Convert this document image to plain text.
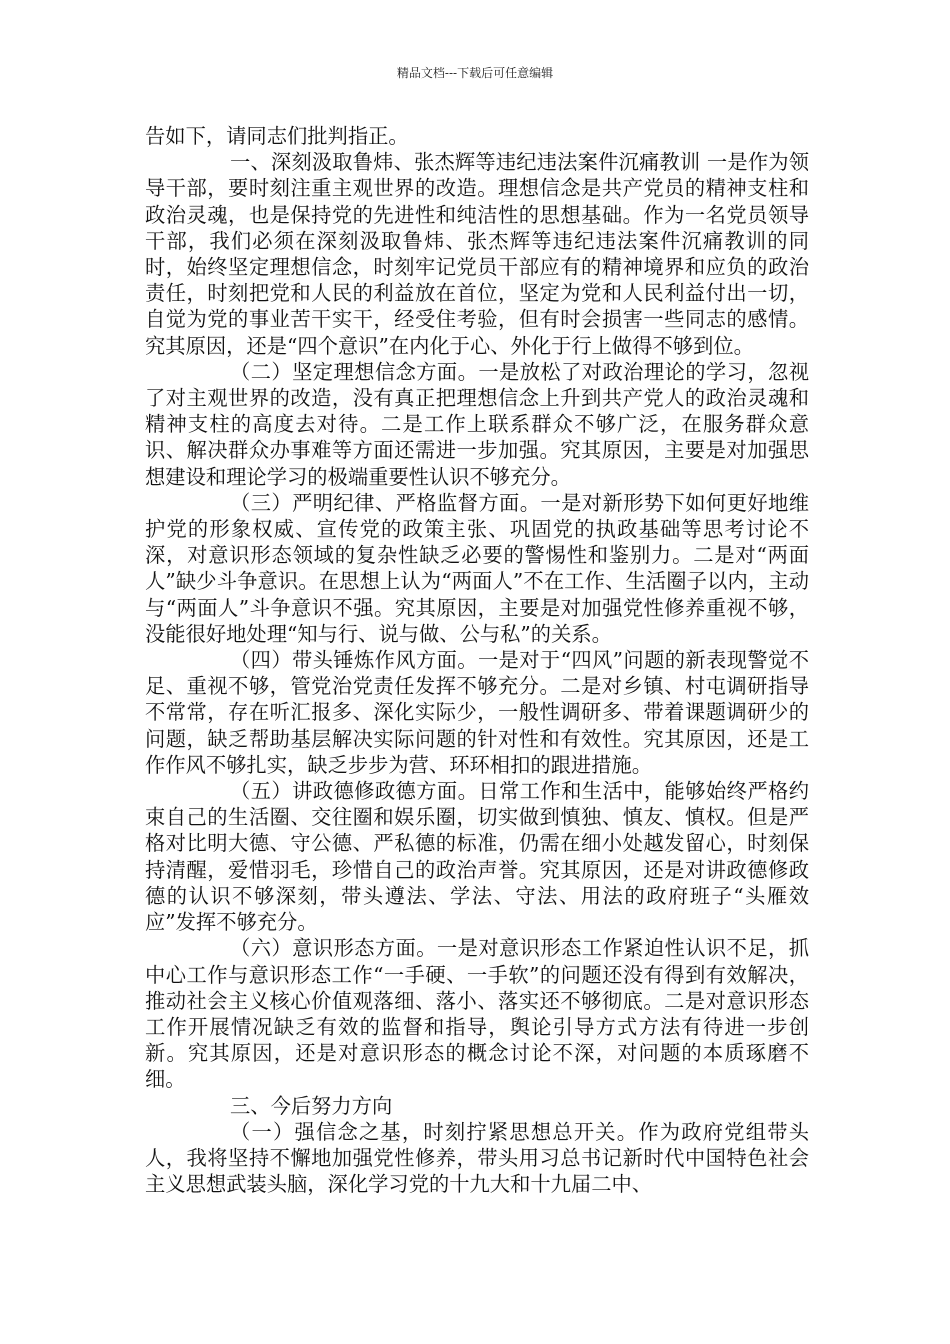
精品文档---下载后可任意编辑

告如下，请同志们批判指正。

一、深刻汲取鲁炜、张杰辉等违纪违法案件沉痛教训 一是作为领导干部，要时刻注重主观世界的改造。理想信念是共产党员的精神支柱和政治灵魂，也是保持党的先进性和纯洁性的思想基础。作为一名党员领导干部，我们必须在深刻汲取鲁炜、张杰辉等违纪违法案件沉痛教训的同时，始终坚定理想信念，时刻牢记党员干部应有的精神境界和应负的政治责任，时刻把党和人民的利益放在首位，坚定为党和人民利益付出一切，自觉为党的事业苦干实干，经受住考验，但有时会损害一些同志的感情。究其原因，还是“四个意识”在内化于心、外化于行上做得不够到位。

（二）坚定理想信念方面。一是放松了对政治理论的学习，忽视了对主观世界的改造，没有真正把理想信念上升到共产党人的政治灵魂和精神支柱的高度去对待。二是工作上联系群众不够广泛，在服务群众意识、解决群众办事难等方面还需进一步加强。究其原因，主要是对加强思想建设和理论学习的极端重要性认识不够充分。

（三）严明纪律、严格监督方面。一是对新形势下如何更好地维护党的形象权威、宣传党的政策主张、巩固党的执政基础等思考讨论不深，对意识形态领域的复杂性缺乏必要的警惕性和鉴别力。二是对“两面人”缺少斗争意识。在思想上认为“两面人”不在工作、生活圈子以内，主动与“两面人”斗争意识不强。究其原因，主要是对加强党性修养重视不够，没能很好地处理“知与行、说与做、公与私”的关系。

（四）带头锤炼作风方面。一是对于“四风”问题的新表现警觉不足、重视不够，管党治党责任发挥不够充分。二是对乡镇、村屯调研指导不常常，存在听汇报多、深化实际少，一般性调研多、带着课题调研少的问题，缺乏帮助基层解决实际问题的针对性和有效性。究其原因，还是工作作风不够扎实，缺乏步步为营、环环相扣的跟进措施。

（五）讲政德修政德方面。日常工作和生活中，能够始终严格约束自己的生活圈、交往圈和娱乐圈，切实做到慎独、慎友、慎权。但是严格对比明大德、守公德、严私德的标准，仍需在细小处越发留心，时刻保持清醒，爱惜羽毛，珍惜自己的政治声誉。究其原因，还是对讲政德修政德的认识不够深刻，带头遵法、学法、守法、用法的政府班子“头雁效应”发挥不够充分。

（六）意识形态方面。一是对意识形态工作紧迫性认识不足，抓中心工作与意识形态工作“一手硬、一手软”的问题还没有得到有效解决，推动社会主义核心价值观落细、落小、落实还不够彻底。二是对意识形态工作开展情况缺乏有效的监督和指导，舆论引导方式方法有待进一步创新。究其原因，还是对意识形态的概念讨论不深，对问题的本质琢磨不细。

三、今后努力方向

（一）强信念之基，时刻拧紧思想总开关。作为政府党组带头人，我将坚持不懈地加强党性修养，带头用习总书记新时代中国特色社会主义思想武装头脑，深化学习党的十九大和十九届二中、
